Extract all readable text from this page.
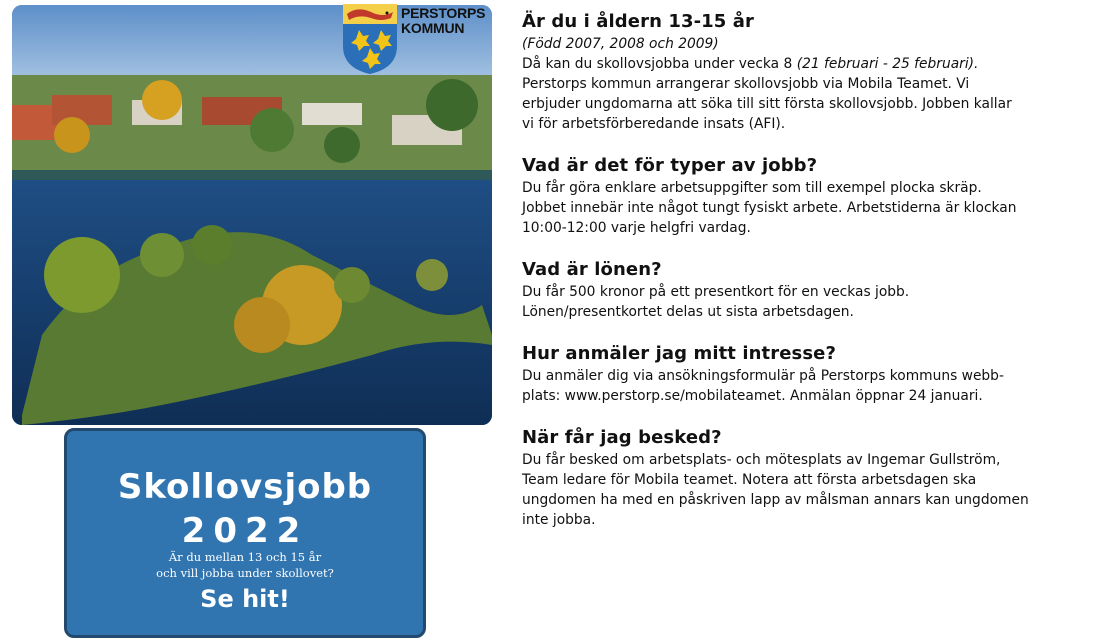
PERSTORPS
KOMMUN
Skollovsjobb
2022
Är du mellan 13 och 15 år
och vill jobba under skollovet?
Se hit!
Är du i åldern 13-15 år

(Född 2007, 2008 och 2009)

Då kan du skollovsjobba under vecka 8 (21 februari - 25 februari).
Perstorps kommun arrangerar skollovsjobb via Mobila Teamet. Vi
erbjuder ungdomarna att söka till sitt första skollovsjobb. Jobben kallar
vi för arbetsförberedande insats (AFI).

Vad är det för typer av jobb?

Du får göra enklare arbetsuppgifter som till exempel plocka skräp.
Jobbet innebär inte något tungt fysiskt arbete. Arbetstiderna är klockan
10:00-12:00 varje helgfri vardag.

Vad är lönen?

Du får 500 kronor på ett presentkort för en veckas jobb.
Lönen/presentkortet delas ut sista arbetsdagen.

Hur anmäler jag mitt intresse?

Du anmäler dig via ansökningsformulär på Perstorps kommuns webb-
plats: www.perstorp.se/mobilateamet. Anmälan öppnar 24 januari.

När får jag besked?

Du får besked om arbetsplats- och mötesplats av Ingemar Gullström,
Team ledare för Mobila teamet. Notera att första arbetsdagen ska
ungdomen ha med en påskriven lapp av målsman annars kan ungdomen
inte jobba.
